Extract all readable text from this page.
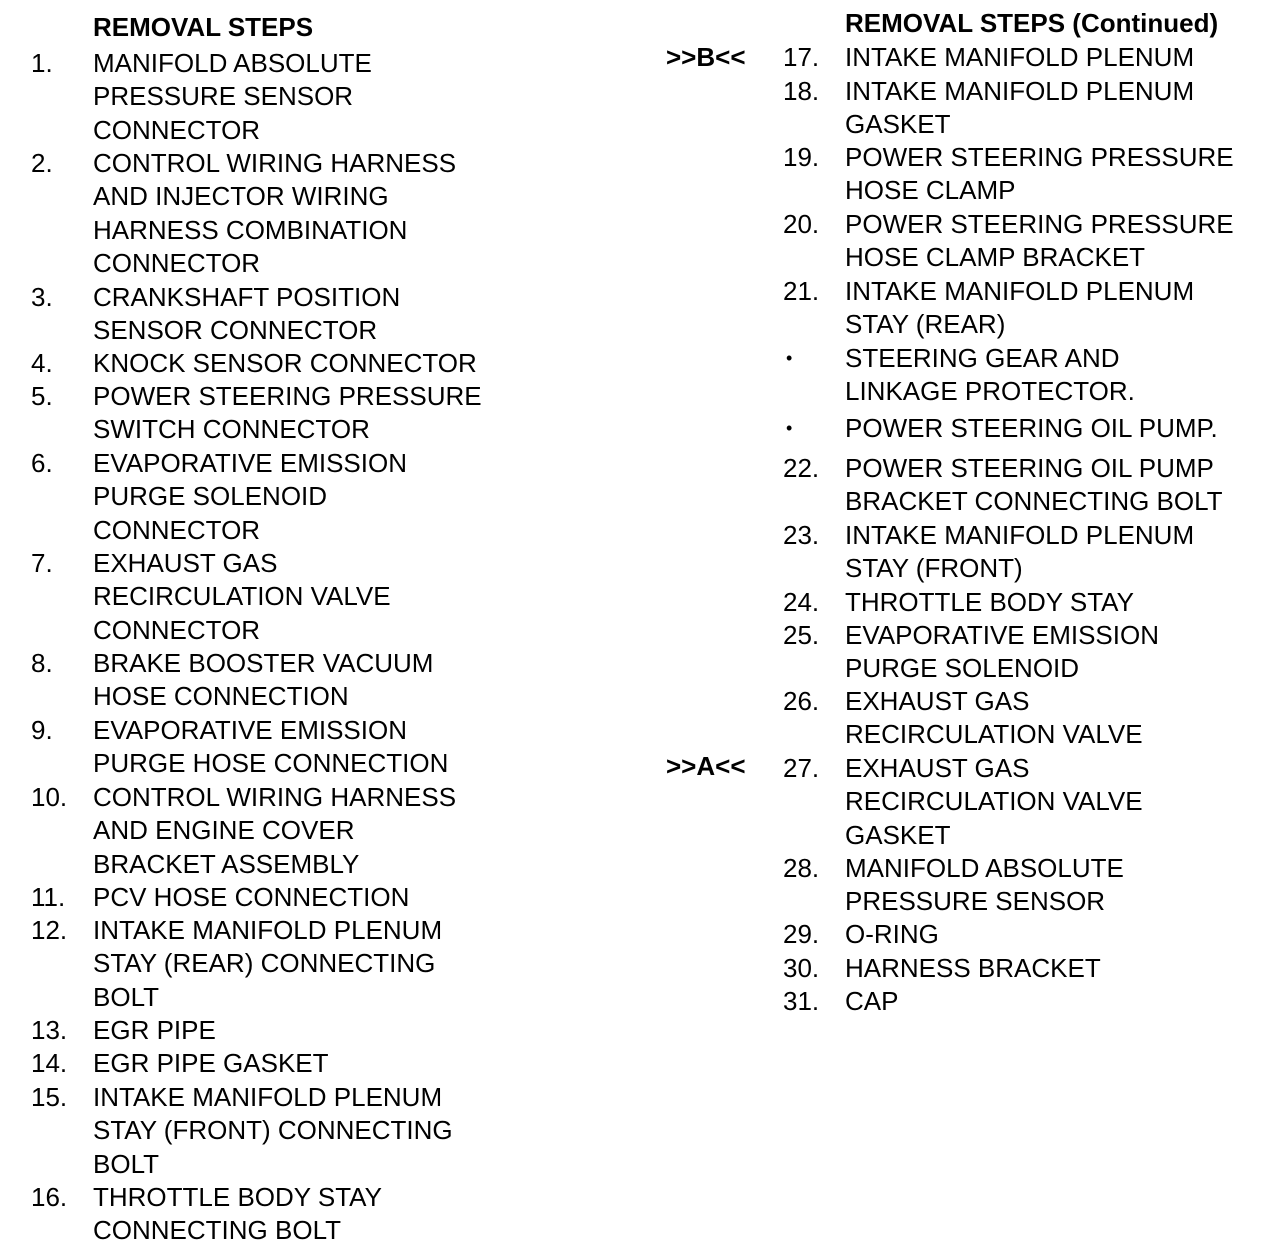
REMOVAL STEPS
1. MANIFOLD ABSOLUTE
PRESSURE SENSOR
CONNECTOR
2. CONTROL WIRING HARNESS
AND INJECTOR WIRING
HARNESS COMBINATION
CONNECTOR
3. CRANKSHAFT POSITION
SENSOR CONNECTOR
4. KNOCK SENSOR CONNECTOR
5. POWER STEERING PRESSURE
SWITCH CONNECTOR
6. EVAPORATIVE EMISSION
PURGE SOLENOID
CONNECTOR
7. EXHAUST GAS
RECIRCULATION VALVE
CONNECTOR
8. BRAKE BOOSTER VACUUM
HOSE CONNECTION
9. EVAPORATIVE EMISSION
PURGE HOSE CONNECTION
10. CONTROL WIRING HARNESS
AND ENGINE COVER
BRACKET ASSEMBLY
11. PCV HOSE CONNECTION
12. INTAKE MANIFOLD PLENUM
STAY (REAR) CONNECTING
BOLT
13. EGR PIPE
14. EGR PIPE GASKET
15. INTAKE MANIFOLD PLENUM
STAY (FRONT) CONNECTING
BOLT
16. THROTTLE BODY STAY
CONNECTING BOLT
REMOVAL STEPS (Continued)
>>B<<
>>A<<
17. INTAKE MANIFOLD PLENUM
18. INTAKE MANIFOLD PLENUM
GASKET
19. POWER STEERING PRESSURE
HOSE CLAMP
20. POWER STEERING PRESSURE
HOSE CLAMP BRACKET
21. INTAKE MANIFOLD PLENUM
STAY (REAR)
• STEERING GEAR AND
LINKAGE PROTECTOR.
• POWER STEERING OIL PUMP.
22. POWER STEERING OIL PUMP
BRACKET CONNECTING BOLT
23. INTAKE MANIFOLD PLENUM
STAY (FRONT)
24. THROTTLE BODY STAY
25. EVAPORATIVE EMISSION
PURGE SOLENOID
26. EXHAUST GAS
RECIRCULATION VALVE
27. EXHAUST GAS
RECIRCULATION VALVE
GASKET
28. MANIFOLD ABSOLUTE
PRESSURE SENSOR
29. O-RING
30. HARNESS BRACKET
31. CAP
